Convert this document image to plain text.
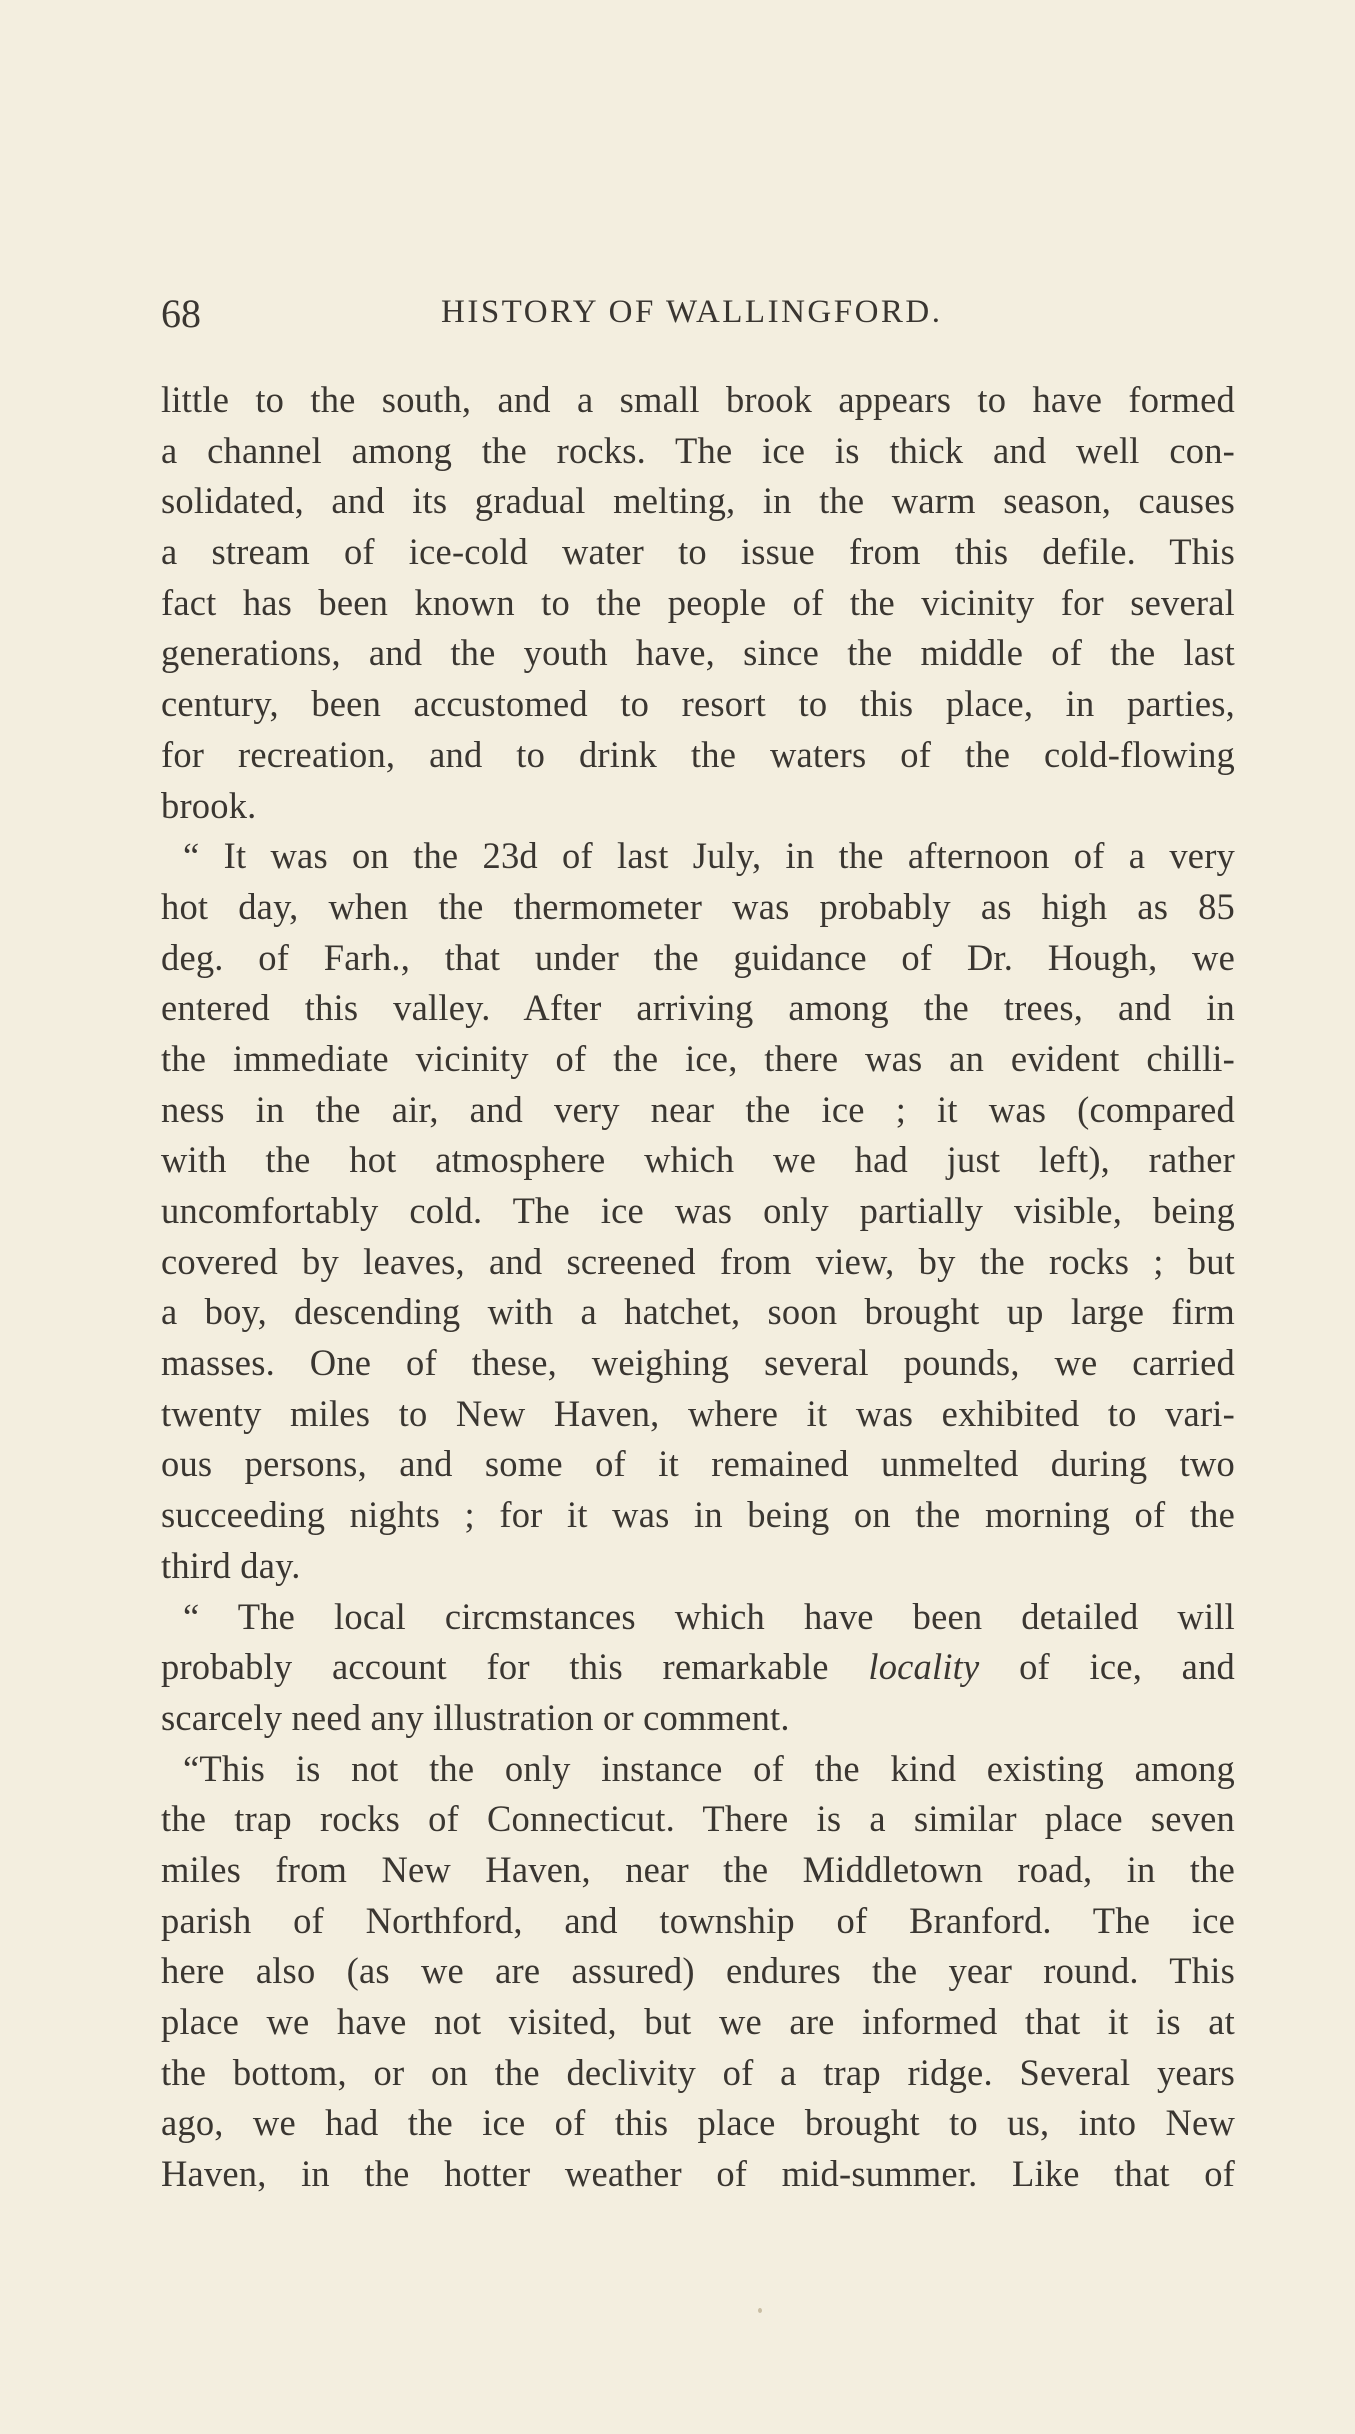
68	HISTORY OF WALLINGFORD.
little to the south, and a small brook appears to have formed
a channel among the rocks. The ice is thick and well con-
solidated, and its gradual melting, in the warm season, causes
a stream of ice-cold water to issue from this defile. This
fact has been known to the people of the vicinity for several
generations, and the youth have, since the middle of the last
century, been accustomed to resort to this place, in parties,
for recreation, and to drink the waters of the cold-flowing
brook.
“ It was on the 23d of last July, in the afternoon of a very
hot day, when the thermometer was probably as high as 85
deg. of Farh., that under the guidance of Dr. Hough, we
entered this valley. After arriving among the trees, and in
the immediate vicinity of the ice, there was an evident chilli-
ness in the air, and very near the ice ; it was (compared
with the hot atmosphere which we had just left), rather
uncomfortably cold. The ice was only partially visible, being
covered by leaves, and screened from view, by the rocks ; but
a boy, descending with a hatchet, soon brought up large firm
masses. One of these, weighing several pounds, we carried
twenty miles to New Haven, where it was exhibited to vari-
ous persons, and some of it remained unmelted during two
succeeding nights ; for it was in being on the morning of the
third day.
“ The local circmstances which have been detailed will
probably account for this remarkable locality of ice, and
scarcely need any illustration or comment.
“This is not the only instance of the kind existing among
the trap rocks of Connecticut. There is a similar place seven
miles from New Haven, near the Middletown road, in the
parish of Northford, and township of Branford. The ice
here also (as we are assured) endures the year round. This
place we have not visited, but we are informed that it is at
the bottom, or on the declivity of a trap ridge. Several years
ago, we had the ice of this place brought to us, into New
Haven, in the hotter weather of mid-summer. Like that of
